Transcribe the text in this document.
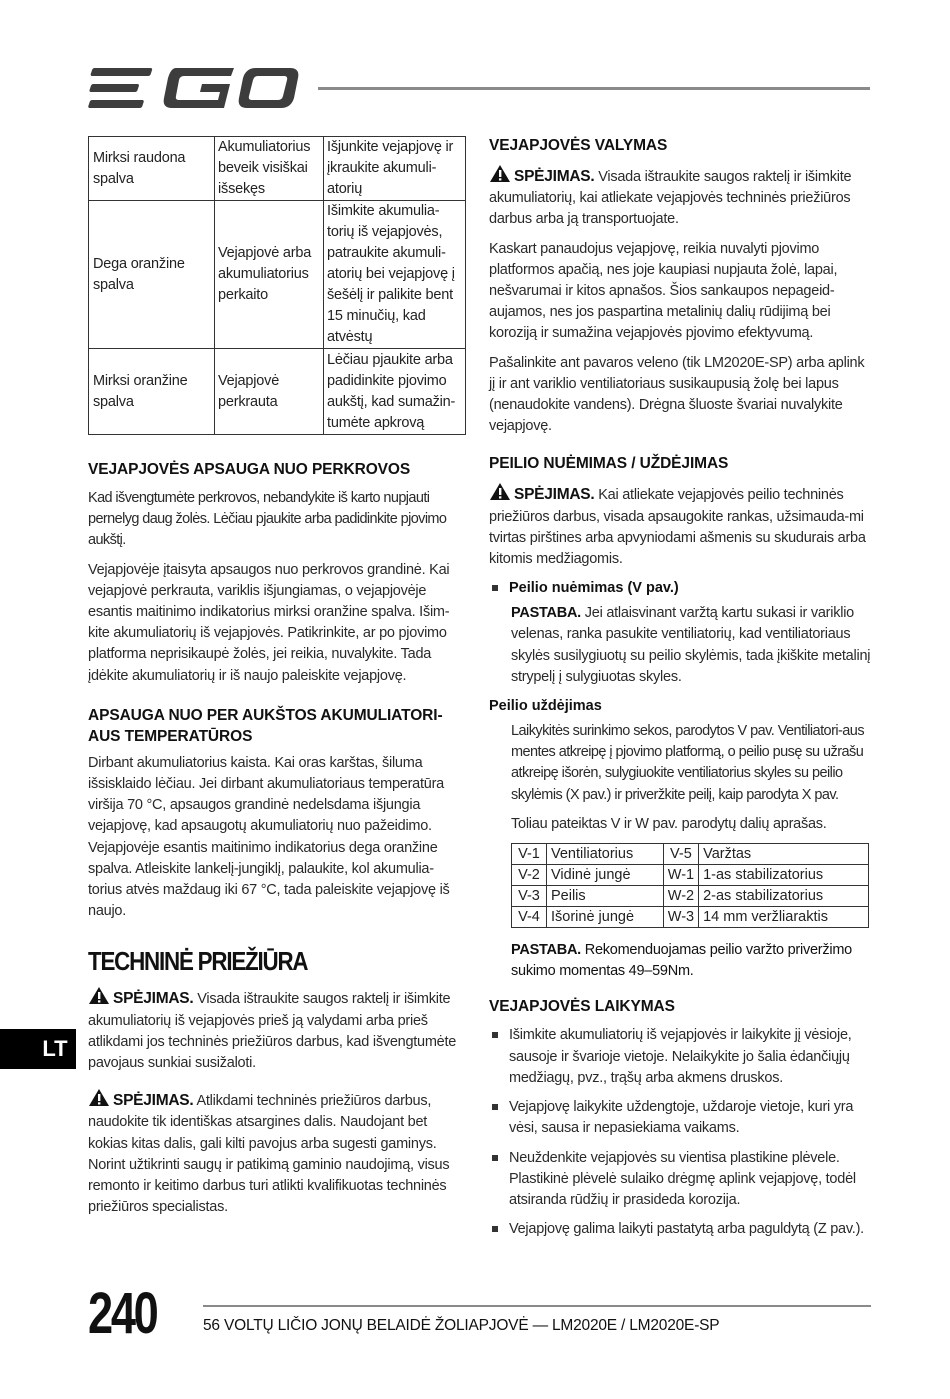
Mirksi raudona spalva	Akumuliatorius beveik visiškai išsekęs	Išjunkite vejapjovę ir įkraukite akumuli-atorių
Dega oranžine spalva	Vejapjovė arba akumuliatorius perkaito	Išimkite akumulia-torių iš vejapjovės, patraukite akumuli-atorių bei vejapjovę į šešėlį ir palikite bent 15 minučių, kad atvėstų
Mirksi oranžine spalva	Vejapjovė perkrauta	Lėčiau pjaukite arba padidinkite pjovimo aukštį, kad sumažin-tumėte apkrovą
VEJAPJOVĖS APSAUGA NUO PERKROVOS

Kad išvengtumėte perkrovos, nebandykite iš karto nupjauti pernelyg daug žolės. Lėčiau pjaukite arba padidinkite pjovimo aukštį.

Vejapjovėje įtaisyta apsaugos nuo perkrovos grandinė. Kai vejapjovė perkrauta, variklis išjungiamas, o vejapjovėje esantis maitinimo indikatorius mirksi oranžine spalva. Išim-kite akumuliatorių iš vejapjovės. Patikrinkite, ar po pjovimo platforma neprisikaupė žolės, jei reikia, nuvalykite. Tada įdėkite akumuliatorių ir iš naujo paleiskite vejapjovę.

APSAUGA NUO PER AUKŠTOS AKUMULIATORI-AUS TEMPERATŪROS

Dirbant akumuliatorius kaista. Kai oras karštas, šiluma išsisklaido lėčiau. Jei dirbant akumuliatoriaus temperatūra viršija 70 °C, apsaugos grandinė nedelsdama išjungia vejapjovę, kad apsaugotų akumuliatorių nuo pažeidimo. Vejapjovėje esantis maitinimo indikatorius dega oranžine spalva. Atleiskite lankelį-jungiklį, palaukite, kol akumulia-torius atvės maždaug iki 67 °C, tada paleiskite vejapjovę iš naujo.

TECHNINĖ PRIEŽIŪRA

SPĖJIMAS. Visada ištraukite saugos raktelį ir išimkite akumuliatorių iš vejapjovės prieš ją valydami arba prieš atlikdami jos techninės priežiūros darbus, kad išvengtumėte pavojaus sunkiai susižaloti.

SPĖJIMAS. Atlikdami techninės priežiūros darbus, naudokite tik identiškas atsargines dalis. Naudojant bet kokias kitas dalis, gali kilti pavojus arba sugesti gaminys. Norint užtikrinti saugų ir patikimą gaminio naudojimą, visus remonto ir keitimo darbus turi atlikti kvalifikuotas techninės priežiūros specialistas.

VEJAPJOVĖS VALYMAS

SPĖJIMAS. Visada ištraukite saugos raktelį ir išimkite akumuliatorių, kai atliekate vejapjovės techninės priežiūros darbus arba ją transportuojate.

Kaskart panaudojus vejapjovę, reikia nuvalyti pjovimo platformos apačią, nes joje kaupiasi nupjauta žolė, lapai, nešvarumai ir kitos apnašos. Šios sankaupos nepageid-aujamos, nes jos paspartina metalinių dalių rūdijimą bei koroziją ir sumažina vejapjovės pjovimo efektyvumą.

Pašalinkite ant pavaros veleno (tik LM2020E-SP) arba aplink jį ir ant variklio ventiliatoriaus susikaupusią žolę bei lapus (nenaudokite vandens). Drėgna šluoste švariai nuvalykite vejapjovę.

PEILIO NUĖMIMAS / UŽDĖJIMAS

SPĖJIMAS. Kai atliekate vejapjovės peilio techninės priežiūros darbus, visada apsaugokite rankas, užsimauda-mi tvirtas pirštines arba apvyniodami ašmenis su skudurais arba kitomis medžiagomis.

Peilio nuėmimas (V pav.)

PASTABA. Jei atlaisvinant varžtą kartu sukasi ir variklio velenas, ranka pasukite ventiliatorių, kad ventiliatoriaus skylės susilygiuotų su peilio skylėmis, tada įkiškite metalinį strypelį į sulygiuotas skyles.

Peilio uždėjimas

Laikykitės surinkimo sekos, parodytos V pav. Ventiliatori-aus mentes atkreipę į pjovimo platformą, o peilio pusę su užrašu atkreipę išorėn, sulygiuokite ventiliatorius skyles su peilio skylėmis (X pav.) ir priveržkite peilį, kaip parodyta X pav.

Toliau pateiktas V ir W pav. parodytų dalių aprašas.

V-1	Ventiliatorius	V-5	Varžtas
V-2	Vidinė jungė	W-1	1-as stabilizatorius
V-3	Peilis	W-2	2-as stabilizatorius
V-4	Išorinė jungė	W-3	14 mm veržliaraktis

PASTABA. Rekomenduojamas peilio varžto priveržimo sukimo momentas 49–59Nm.

VEJAPJOVĖS LAIKYMAS

Išimkite akumuliatorių iš vejapjovės ir laikykite jį vėsioje, sausoje ir švarioje vietoje. Nelaikykite jo šalia ėdančiųjų medžiagų, pvz., trąšų arba akmens druskos.

Vejapjovę laikykite uždengtoje, uždaroje vietoje, kuri yra vėsi, sausa ir nepasiekiama vaikams.

Neuždenkite vejapjovės su vientisa plastikine plėvele. Plastikinė plėvelė sulaiko drėgmę aplink vejapjovę, todėl atsiranda rūdžių ir prasideda korozija.

Vejapjovę galima laikyti pastatytą arba paguldytą (Z pav.).

LT
240	56 VOLTŲ LIČIO JONŲ BELAIDĖ ŽOLIAPJOVĖ — LM2020E / LM2020E-SP
